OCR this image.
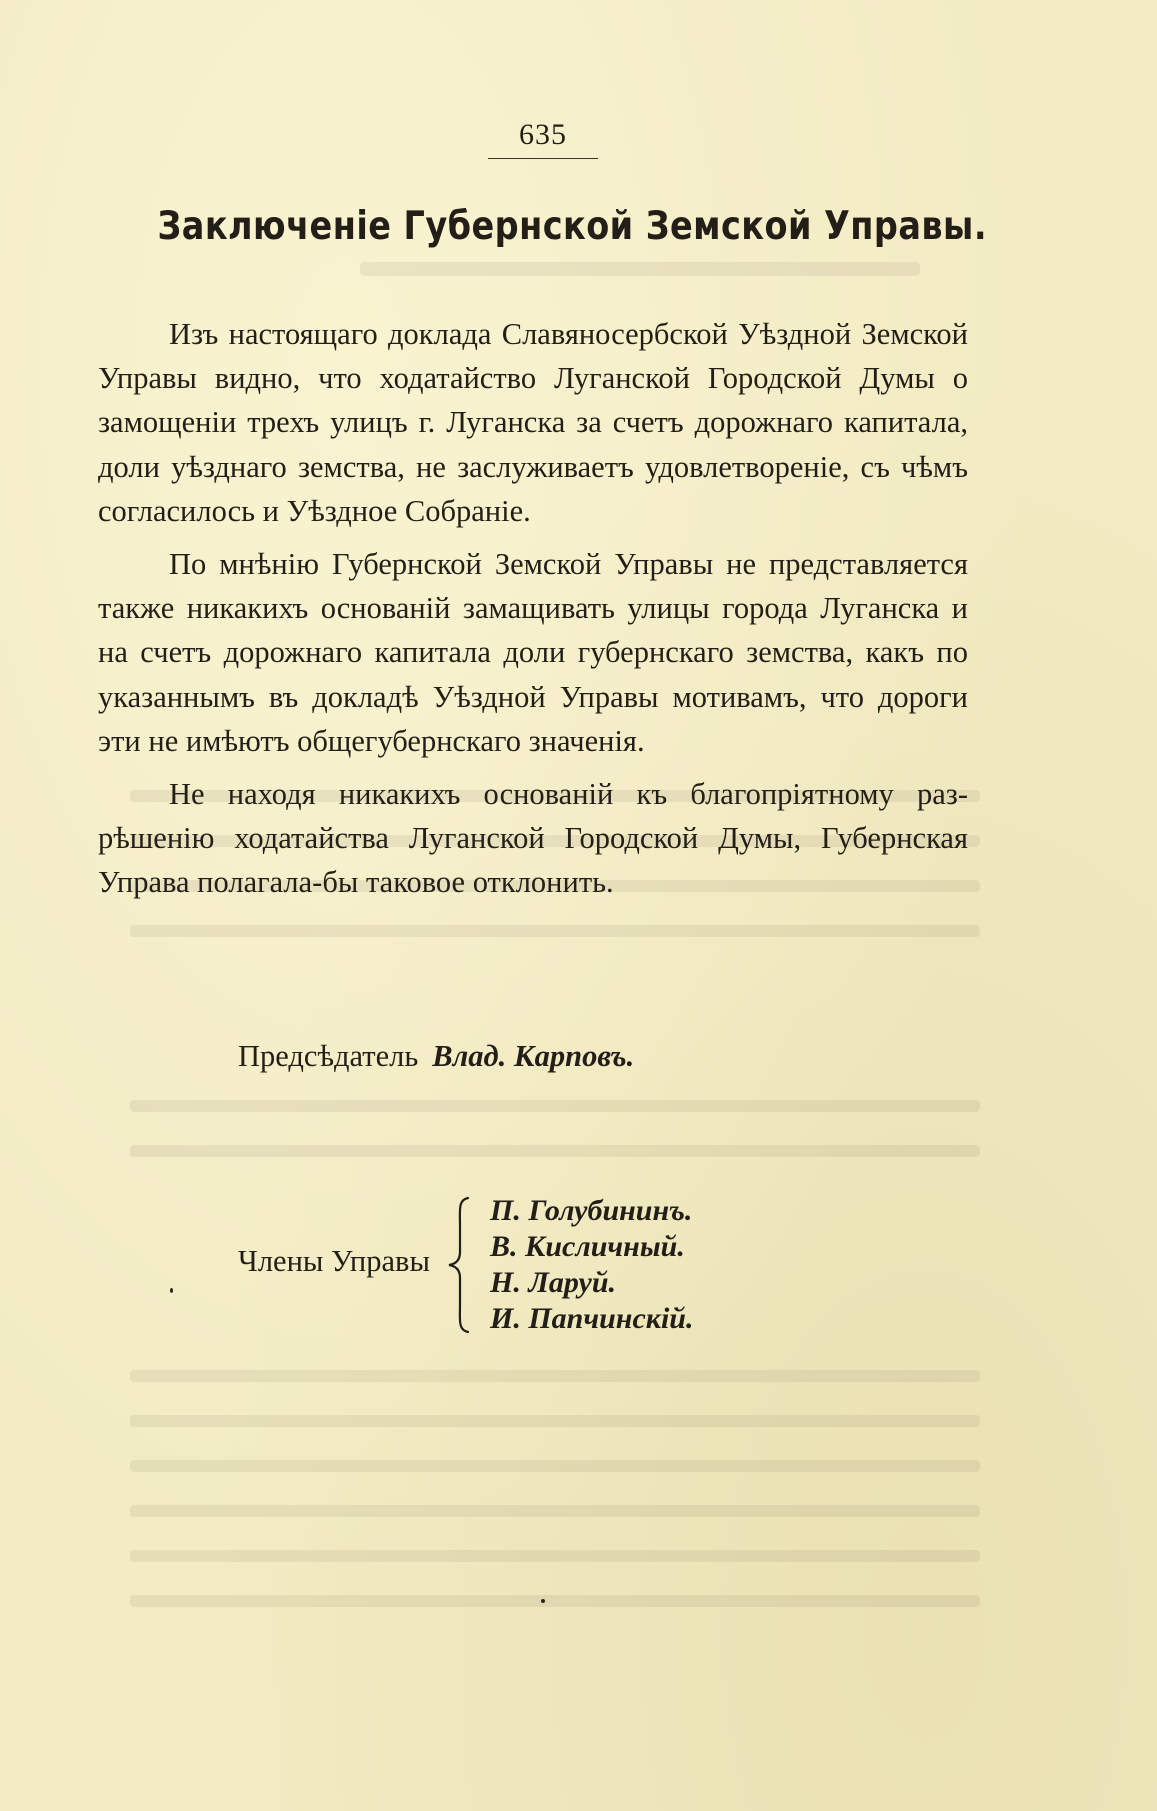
635
Заключеніе Губернской Земской Управы.

Изъ настоящаго доклада Славяносербской Уѣздной Земской Управы видно, что ходатайство Луганской Городской Думы о замощеніи трехъ улицъ г. Луганска за счетъ дорожнаго капитала, доли уѣзднаго земства, не заслуживаетъ удовлетвореніе, съ чѣмъ согласилось и Уѣздное Собраніе.

По мнѣнію Губернской Земской Управы не представляется также никакихъ основаній замащивать улицы города Луганска и на счетъ дорожнаго капитала доли губернскаго земства, какъ по указаннымъ въ докладѣ Уѣздной Управы мотивамъ, что дороги эти не имѣютъ общегубернскаго значенія.

Не находя никакихъ основаній къ благопріятному разрѣшенію ходатайства Луганской Городской Думы, Губернская Управа полагала-бы таковое отклонить.

Предсѣдатель Влад. Карповъ.
Члены Управы
П. Голубининъ.
В. Кисличный.
Н. Ларуй.
И. Папчинскій.
